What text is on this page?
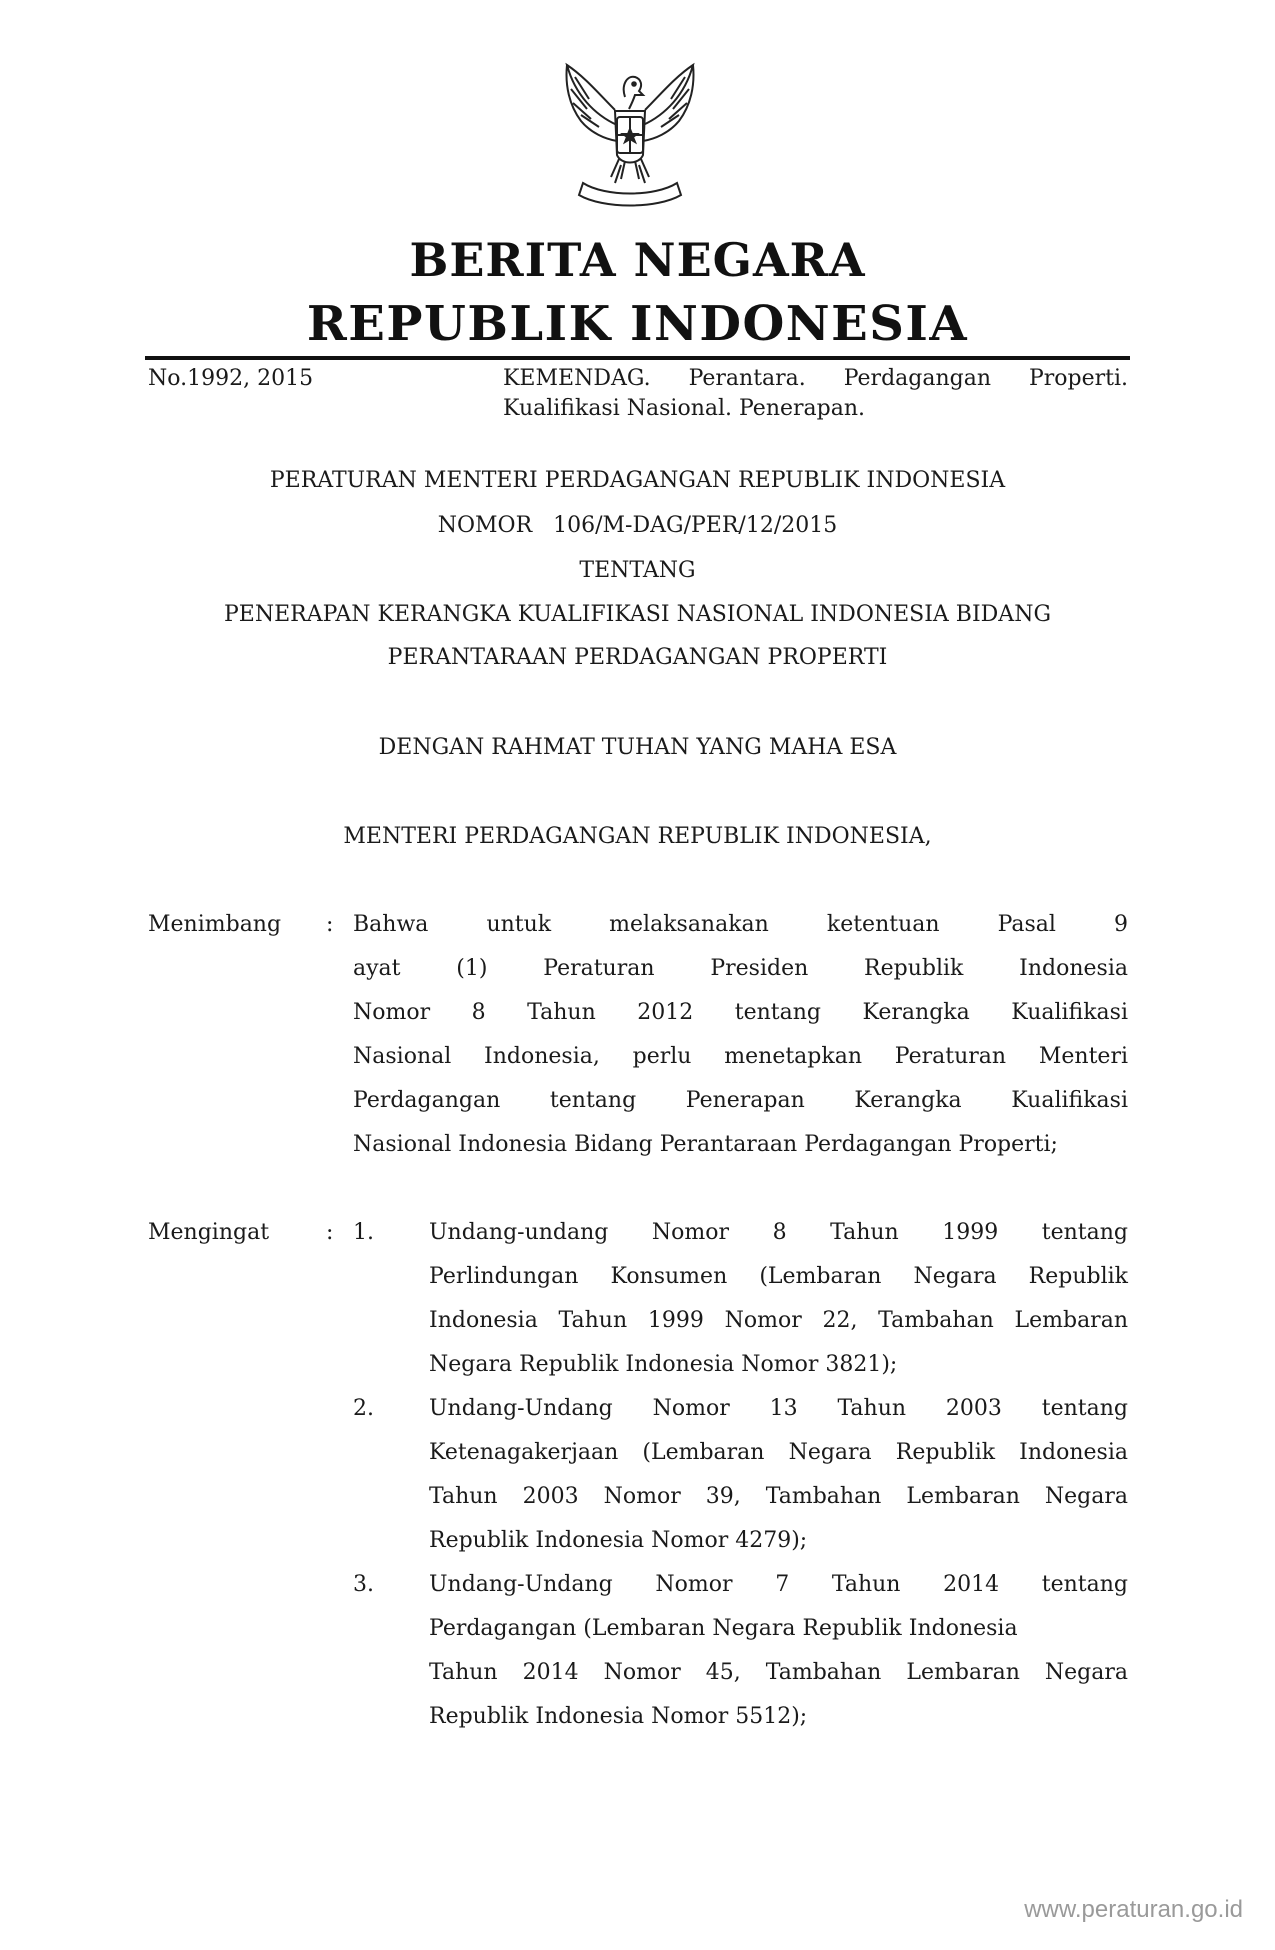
BERITA NEGARA
REPUBLIK INDONESIA

No.1992, 2015	KEMENDAG. Perantara. Perdagangan Properti.

Kualifikasi Nasional. Penerapan.

PERATURAN MENTERI PERDAGANGAN REPUBLIK INDONESIA

NOMOR   106/M-DAG/PER/12/2015

TENTANG

PENERAPAN KERANGKA KUALIFIKASI NASIONAL INDONESIA BIDANG

PERANTARAAN PERDAGANGAN PROPERTI

DENGAN RAHMAT TUHAN YANG MAHA ESA

MENTERI PERDAGANGAN REPUBLIK INDONESIA,

Menimbang : Bahwa untuk melaksanakan ketentuan Pasal 9

ayat (1) Peraturan Presiden Republik Indonesia

Nomor 8 Tahun 2012 tentang Kerangka Kualifikasi

Nasional Indonesia, perlu menetapkan Peraturan Menteri

Perdagangan tentang Penerapan Kerangka Kualifikasi

Nasional Indonesia Bidang Perantaraan Perdagangan Properti;

Mengingat	: 1.	Undang-undang Nomor 8 Tahun 1999 tentang

Perlindungan Konsumen (Lembaran Negara Republik

Indonesia Tahun 1999 Nomor 22, Tambahan Lembaran

Negara Republik Indonesia Nomor 3821);

2.	Undang-Undang Nomor 13 Tahun 2003 tentang

Ketenagakerjaan (Lembaran Negara Republik Indonesia

Tahun 2003 Nomor 39, Tambahan Lembaran Negara

Republik Indonesia Nomor 4279);

3.	Undang-Undang Nomor 7 Tahun 2014 tentang

Perdagangan (Lembaran Negara Republik Indonesia

Tahun 2014 Nomor 45, Tambahan Lembaran Negara

Republik Indonesia Nomor 5512);

www.peraturan.go.id
